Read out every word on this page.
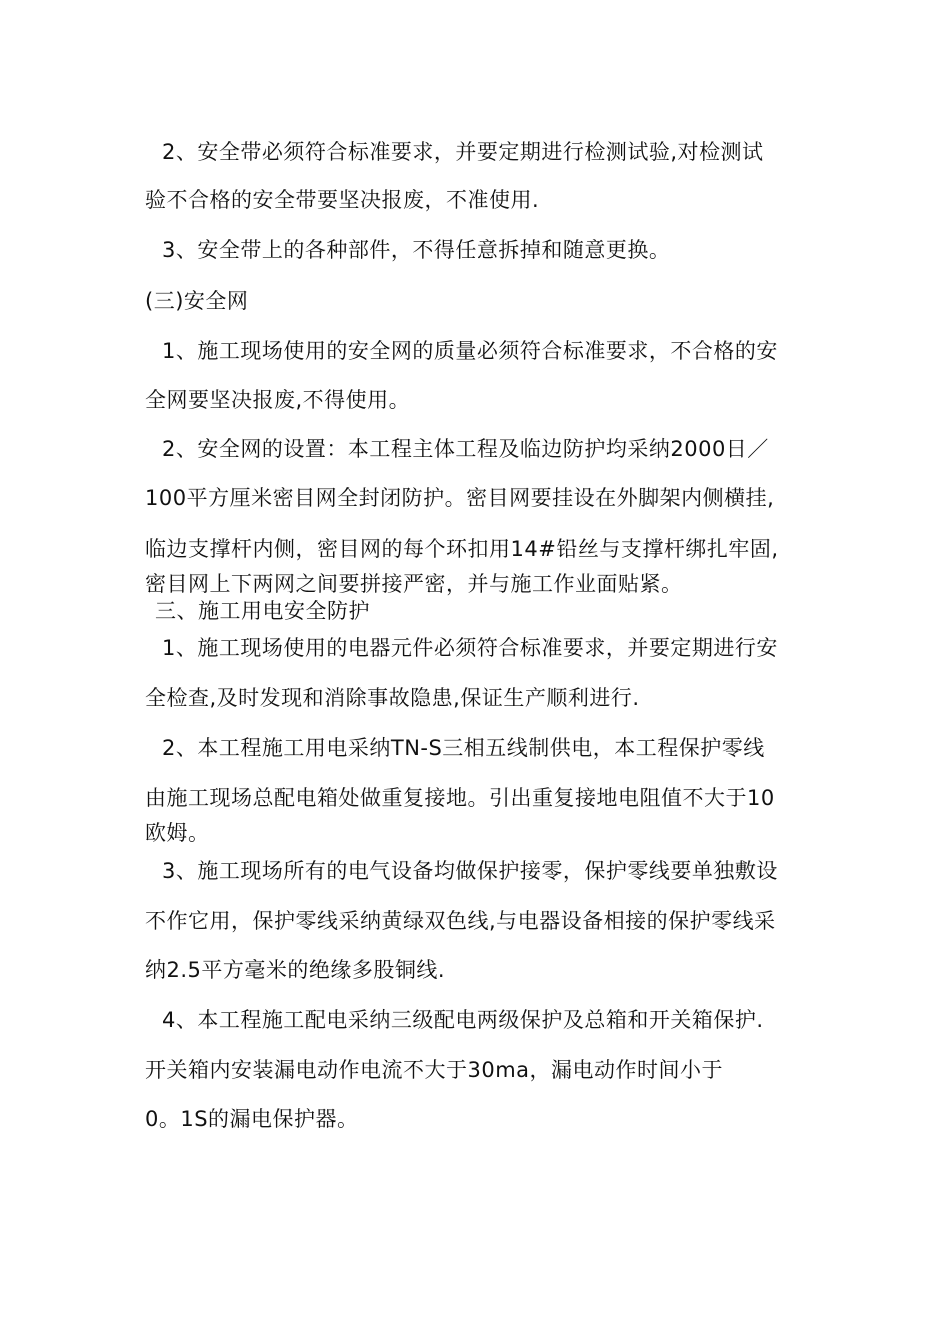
2、安全带必须符合标准要求，并要定期进行检测试验,对检测试
验不合格的安全带要坚决报废，不准使用.
3、安全带上的各种部件，不得任意拆掉和随意更换。
(三)安全网
1、施工现场使用的安全网的质量必须符合标准要求，不合格的安
全网要坚决报废,不得使用。
2、安全网的设置：本工程主体工程及临边防护均采纳2000日／
100平方厘米密目网全封闭防护。密目网要挂设在外脚架内侧横挂,
临边支撑杆内侧，密目网的每个环扣用14#铅丝与支撑杆绑扎牢固,
密目网上下两网之间要拼接严密，并与施工作业面贴紧。
三、施工用电安全防护
1、施工现场使用的电器元件必须符合标准要求，并要定期进行安
全检查,及时发现和消除事故隐患,保证生产顺利进行.
2、本工程施工用电采纳TN-S三相五线制供电，本工程保护零线
由施工现场总配电箱处做重复接地。引出重复接地电阻值不大于10
欧姆。
3、施工现场所有的电气设备均做保护接零，保护零线要单独敷设
不作它用，保护零线采纳黄绿双色线,与电器设备相接的保护零线采
纳2.5平方毫米的绝缘多股铜线.
4、本工程施工配电采纳三级配电两级保护及总箱和开关箱保护.
开关箱内安装漏电动作电流不大于30ma，漏电动作时间小于
0。1S的漏电保护器。
